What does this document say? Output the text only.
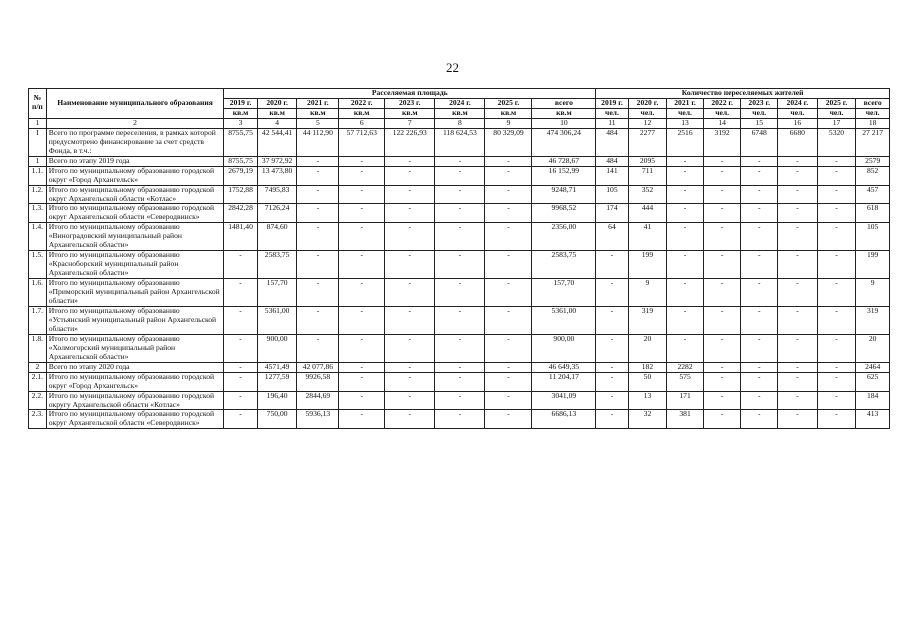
22
№ п/п	Наименование муниципального образования	Расселяемая площадь								Количество переселяемых жителей							
		2019 г.	2020 г.	2021 г.	2022 г.	2023 г.	2024 г.	2025 г.	всего	2019 г.	2020 г.	2021 г.	2022 г.	2023 г.	2024 г.	2025 г.	всего
		кв.м	кв.м	кв.м	кв.м	кв.м	кв.м	кв.м	кв.м	чел.	чел.	чел.	чел.	чел.	чел.	чел.	чел.
1	2	3	4	5	6	7	8	9	10	11	12	13	14	15	16	17	18
I	Всего по программе переселения, в рамках которой предусмотрено финансирование за счет средств Фонда, в т.ч.:	8755,75	42 544,41	44 112,90	57 712,63	122 226,93	118 624,53	80 329,09	474 306,24	484	2277	2516	3192	6748	6680	5320	27 217
1	Всего по этапу 2019 года	8755,75	37 972,92	-	-	-	-	-	46 728,67	484	2095	-	-	-	-	-	2579
1.1.	Итого по муниципальному образованию городской округ «Город Архангельск»	2679,19	13 473,80	-	-	-	-	-	16 152,99	141	711	-	-	-	-	-	852
1.2.	Итого по муниципальному образованию городской округ Архангельской области «Котлас»	1752,88	7495,83	-	-	-	-	-	9248,71	105	352	-	-	-	-	-	457
1.3.	Итого по муниципальному образованию городской округ Архангельской области «Северодвинск»	2842,28	7126,24	-	-	-	-	-	9968,52	174	444	-	-	-	-	-	618
1.4.	Итого по муниципальному образованию «Виноградовский муниципальный район Архангельской области»	1481,40	874,60	-	-	-	-	-	2356,00	64	41	-	-	-	-	-	105
1.5.	Итого по муниципальному образованию «Красноборский муниципальный район Архангельской области»	-	2583,75	-	-	-	-	-	2583,75	-	199	-	-	-	-	-	199
1.6.	Итого по муниципальному образованию «Приморский муниципальный район Архангельской области»	-	157,70	-	-	-	-	-	157,70	-	9	-	-	-	-	-	9
1.7.	Итого по муниципальному образованию «Устьянский муниципальный район Архангельской области»	-	5361,00	-	-	-	-	-	5361,00	-	319	-	-	-	-	-	319
1.8.	Итого по муниципальному образованию «Холмогорский муниципальный район Архангельской области»	-	900,00	-	-	-	-	-	900,00	-	20	-	-	-	-	-	20
2	Всего по этапу 2020 года	-	4571,49	42 077,86	-	-	-	-	46 649,35	-	182	2282	-	-	-	-	2464
2.1.	Итого по муниципальному образованию городской округ «Город Архангельск»	-	1277,59	9926,58	-	-	-	-	11 204,17	-	50	575	-	-	-	-	625
2.2.	Итого по муниципальному образованию городской округу Архангельской области «Котлас»	-	196,40	2844,69	-	-	-	-	3041,09	-	13	171	-	-	-	-	184
2.3.	Итого по муниципальному образованию городской округ Архангельской области «Северодвинск»	-	750,00	5936,13	-	-	-	-	6686,13	-	32	381	-	-	-	-	413
